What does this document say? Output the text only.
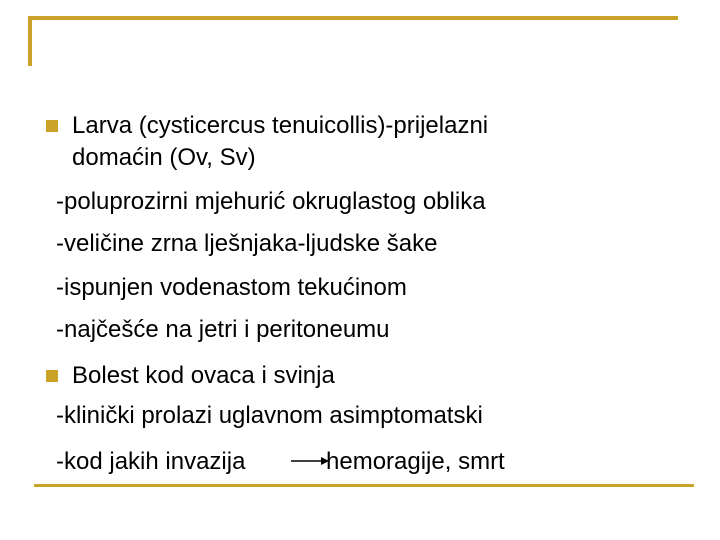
Larva (cysticercus tenuicollis)-prijelazni
domaćin (Ov, Sv)
-poluprozirni mjehurić okruglastog oblika
-veličine zrna lješnjaka-ljudske šake
-ispunjen vodenastom tekućinom
-najčešće na jetri i peritoneumu
Bolest kod ovaca i svinja
-klinički prolazi uglavnom asimptomatski
-kod jakih invazija	hemoragije, smrt
